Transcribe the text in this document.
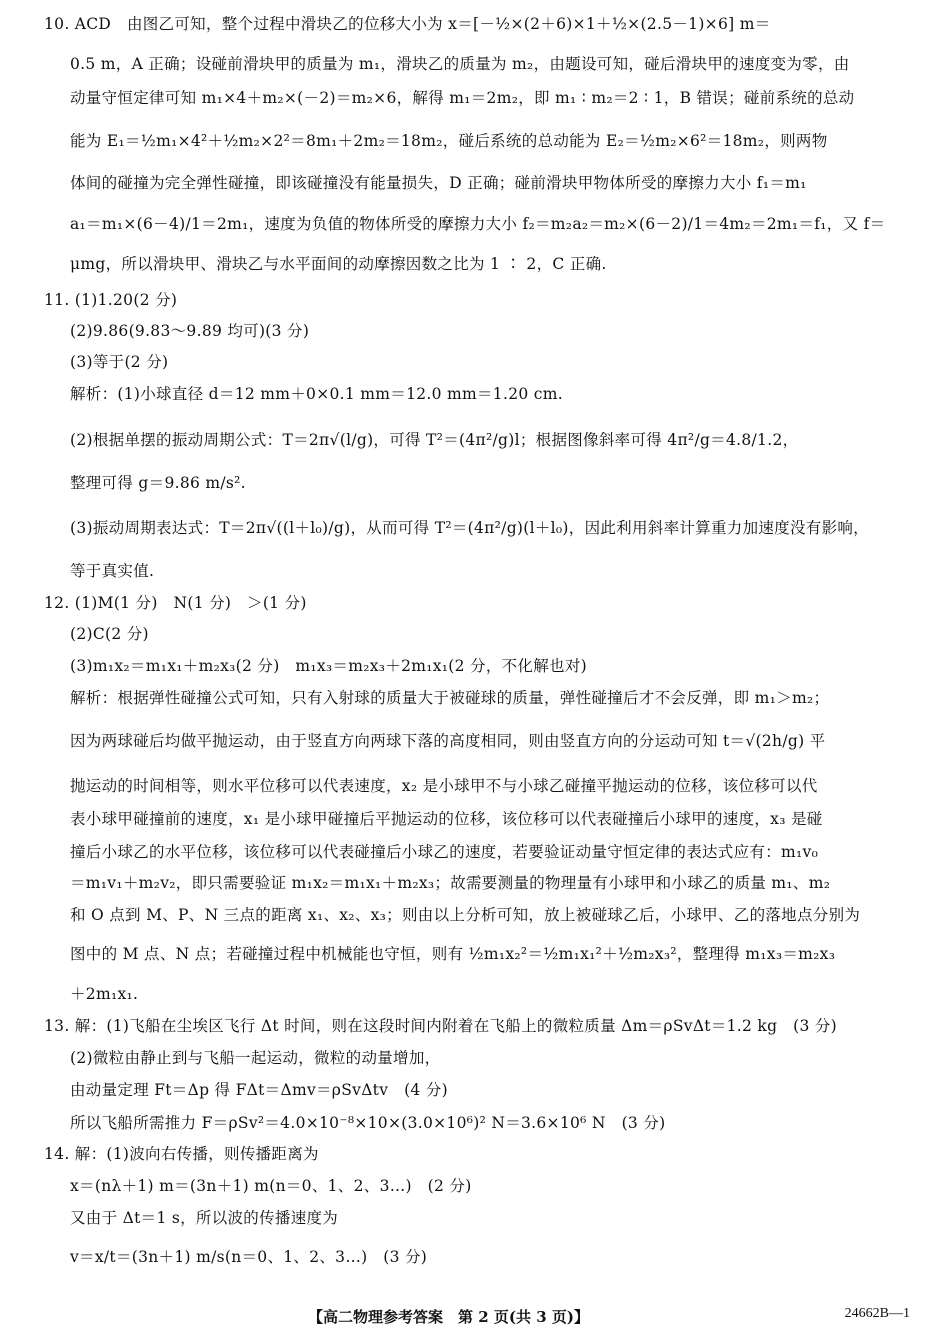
10. ACD　由图乙可知，整个过程中滑块乙的位移大小为 x＝[－½×(2＋6)×1＋½×(2.5－1)×6] m＝
0.5 m，A 正确；设碰前滑块甲的质量为 m₁，滑块乙的质量为 m₂，由题设可知，碰后滑块甲的速度变为零，由
动量守恒定律可知 m₁×4＋m₂×(－2)＝m₂×6，解得 m₁＝2m₂，即 m₁ ∶ m₂＝2 ∶ 1，B 错误；碰前系统的总动
能为 E₁＝½m₁×4²＋½m₂×2²＝8m₁＋2m₂＝18m₂，碰后系统的总动能为 E₂＝½m₂×6²＝18m₂，则两物
体间的碰撞为完全弹性碰撞，即该碰撞没有能量损失，D 正确；碰前滑块甲物体所受的摩擦力大小 f₁＝m₁
a₁＝m₁×(6－4)/1＝2m₁，速度为负值的物体所受的摩擦力大小 f₂＝m₂a₂＝m₂×(6－2)/1＝4m₂＝2m₁＝f₁，又 f＝
μmg，所以滑块甲、滑块乙与水平面间的动摩擦因数之比为 1 ∶ 2，C 正确.
11. (1)1.20(2 分)
(2)9.86(9.83～9.89 均可)(3 分)
(3)等于(2 分)
解析：(1)小球直径 d＝12 mm＋0×0.1 mm＝12.0 mm＝1.20 cm.
(2)根据单摆的振动周期公式：T＝2π√(l/g)，可得 T²＝(4π²/g)l；根据图像斜率可得 4π²/g＝4.8/1.2，
整理可得 g＝9.86 m/s².
(3)振动周期表达式：T＝2π√((l＋l₀)/g)，从而可得 T²＝(4π²/g)(l＋l₀)，因此利用斜率计算重力加速度没有影响，
等于真实值.
12. (1)M(1 分)　N(1 分)　＞(1 分)
(2)C(2 分)
(3)m₁x₂＝m₁x₁＋m₂x₃(2 分)　m₁x₃＝m₂x₃＋2m₁x₁(2 分，不化解也对)
解析：根据弹性碰撞公式可知，只有入射球的质量大于被碰球的质量，弹性碰撞后才不会反弹，即 m₁＞m₂；
因为两球碰后均做平抛运动，由于竖直方向两球下落的高度相同，则由竖直方向的分运动可知 t＝√(2h/g) 平
抛运动的时间相等，则水平位移可以代表速度，x₂ 是小球甲不与小球乙碰撞平抛运动的位移，该位移可以代
表小球甲碰撞前的速度，x₁ 是小球甲碰撞后平抛运动的位移，该位移可以代表碰撞后小球甲的速度，x₃ 是碰
撞后小球乙的水平位移，该位移可以代表碰撞后小球乙的速度，若要验证动量守恒定律的表达式应有：m₁v₀
＝m₁v₁＋m₂v₂，即只需要验证 m₁x₂＝m₁x₁＋m₂x₃；故需要测量的物理量有小球甲和小球乙的质量 m₁、m₂
和 O 点到 M、P、N 三点的距离 x₁、x₂、x₃；则由以上分析可知，放上被碰球乙后，小球甲、乙的落地点分别为
图中的 M 点、N 点；若碰撞过程中机械能也守恒，则有 ½m₁x₂²＝½m₁x₁²＋½m₂x₃²，整理得 m₁x₃＝m₂x₃
＋2m₁x₁.
13. 解：(1)飞船在尘埃区飞行 Δt 时间，则在这段时间内附着在飞船上的微粒质量 Δm＝ρSvΔt＝1.2 kg　(3 分)
(2)微粒由静止到与飞船一起运动，微粒的动量增加，
由动量定理 Ft＝Δp 得 FΔt＝Δmv＝ρSvΔtv　(4 分)
所以飞船所需推力 F＝ρSv²＝4.0×10⁻⁸×10×(3.0×10⁶)² N＝3.6×10⁶ N　(3 分)
14. 解：(1)波向右传播，则传播距离为
x＝(nλ＋1) m＝(3n＋1) m(n＝0、1、2、3…)　(2 分)
又由于 Δt＝1 s，所以波的传播速度为
v＝x/t＝(3n＋1) m/s(n＝0、1、2、3…)　(3 分)
【高二物理参考答案　第 2 页(共 3 页)】	24662B—1
